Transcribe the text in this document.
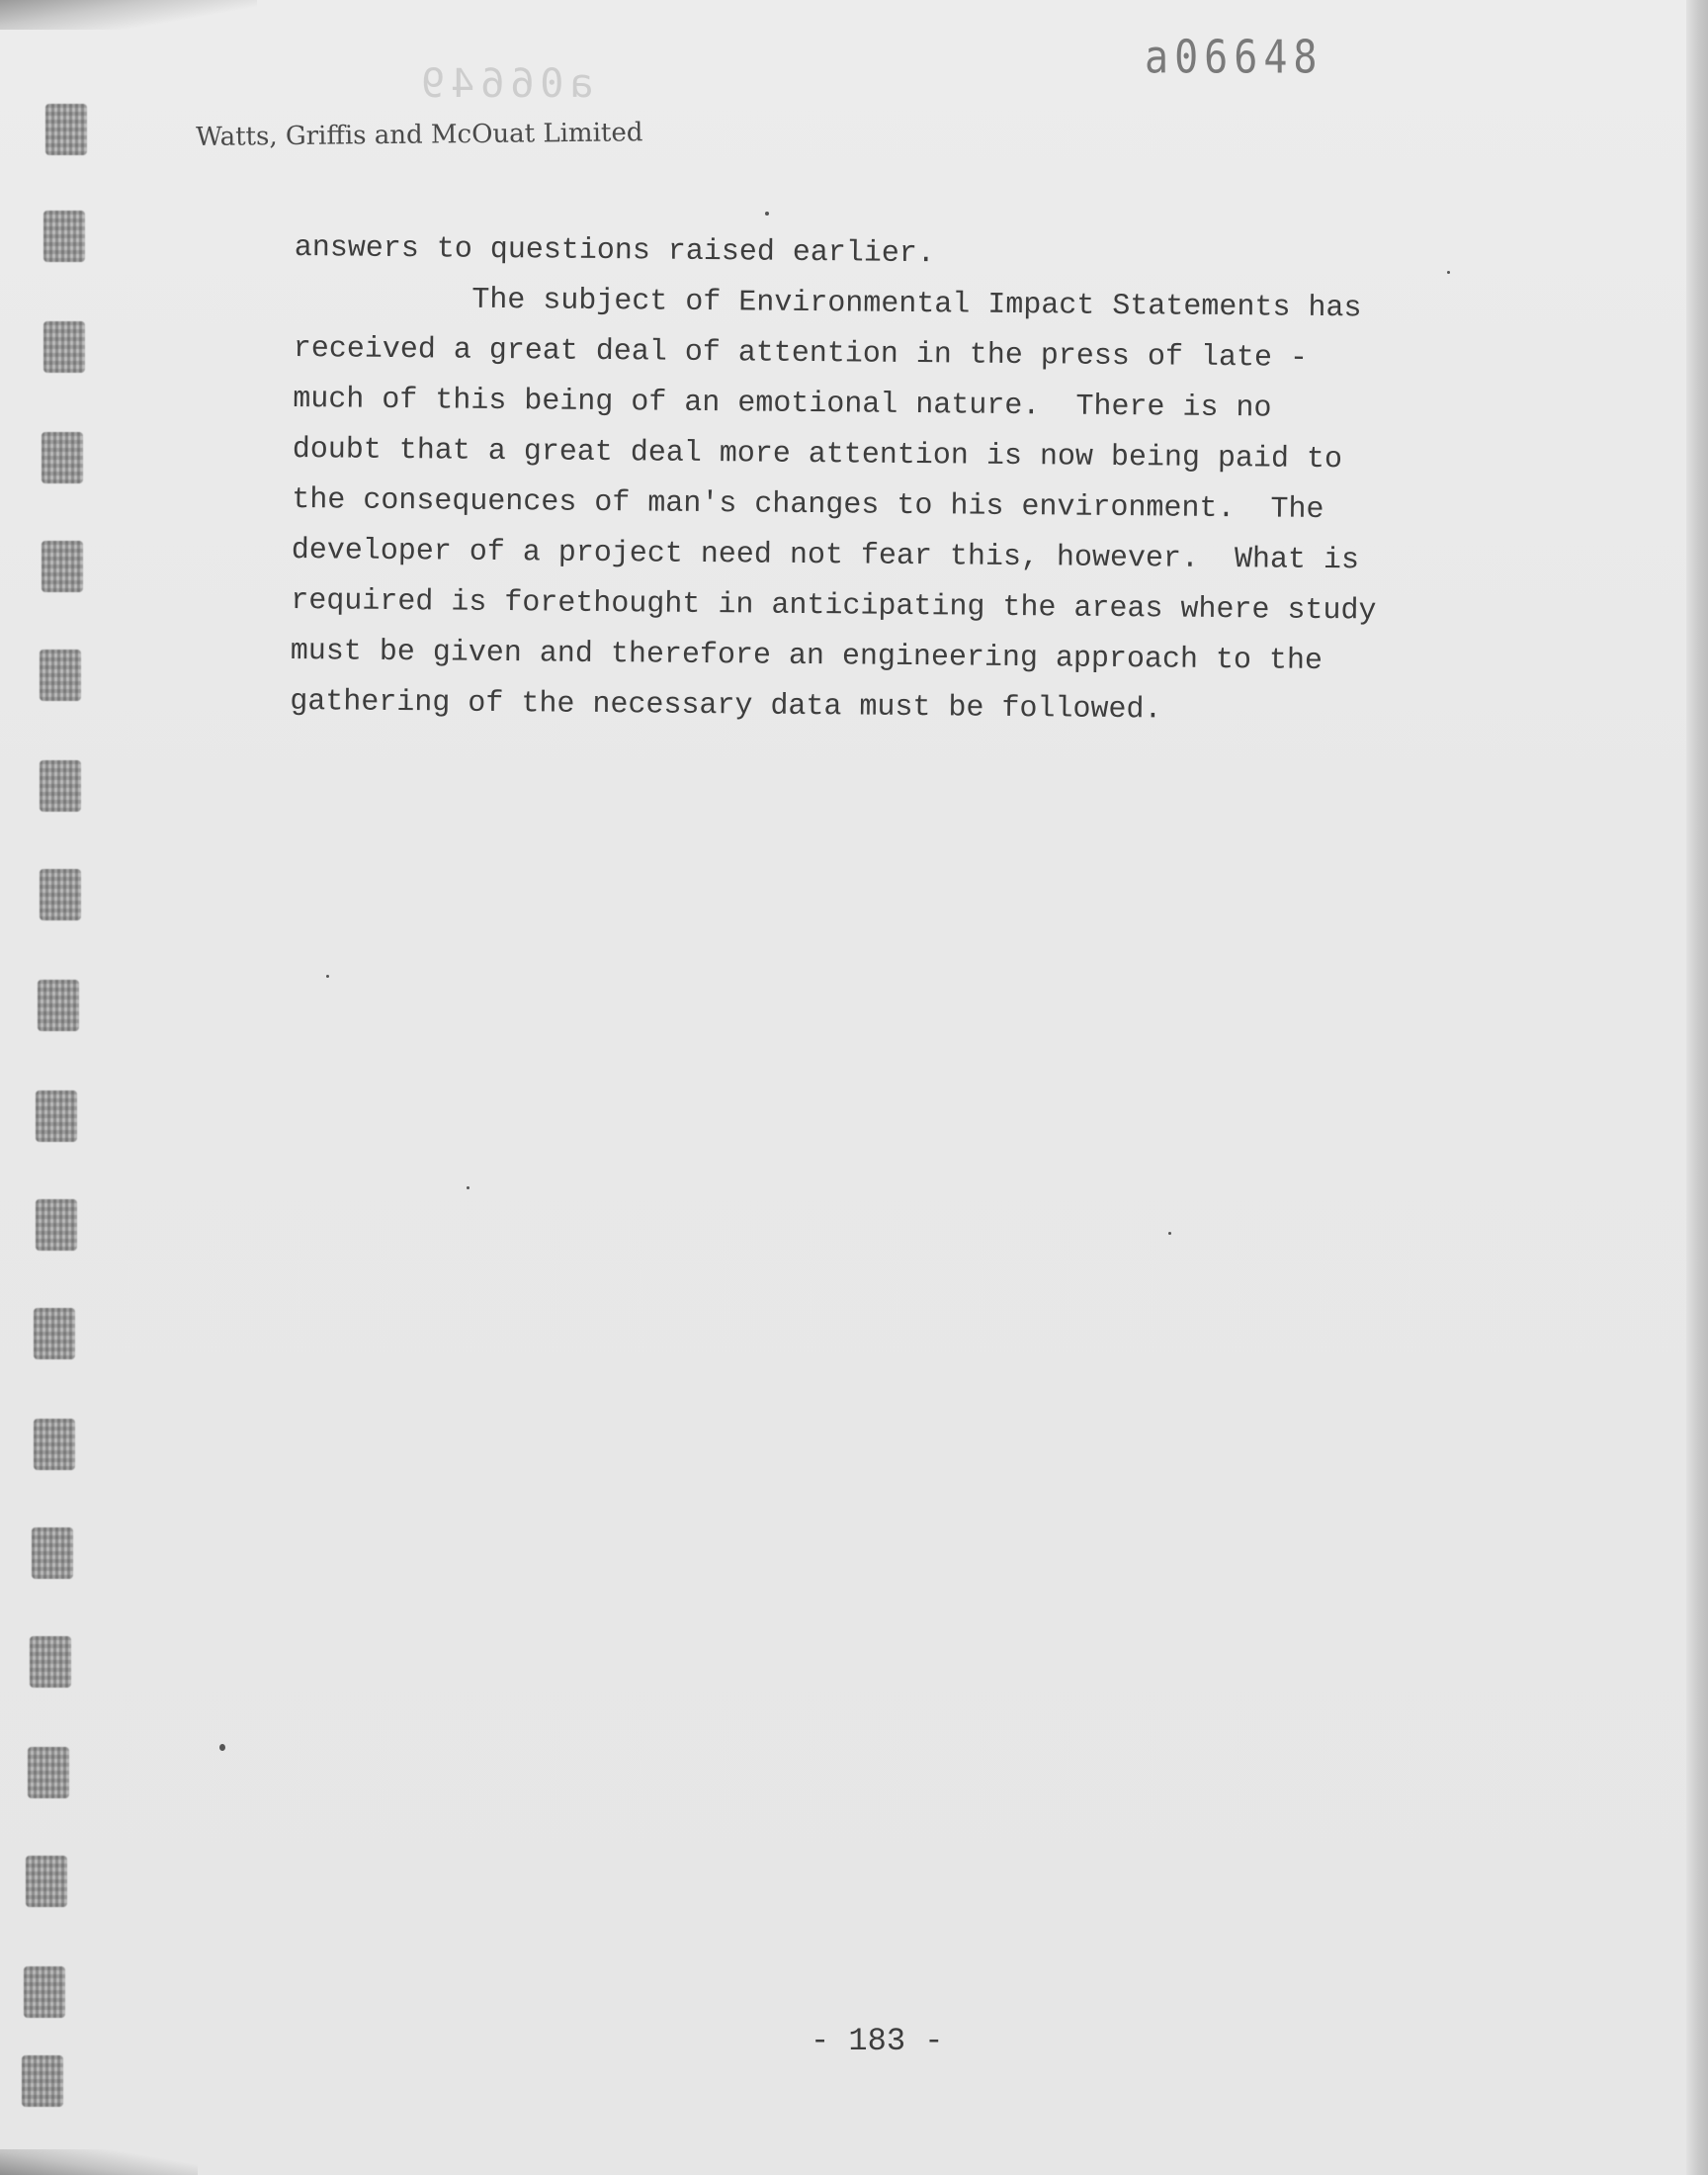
a06649
a06648
Watts, Griffis and McOuat Limited
answers to questions raised earlier.
The subject of Environmental Impact Statements has
received a great deal of attention in the press of late -
much of this being of an emotional nature.  There is no
doubt that a great deal more attention is now being paid to
the consequences of man's changes to his environment.  The
developer of a project need not fear this, however.  What is
required is forethought in anticipating the areas where study
must be given and therefore an engineering approach to the
gathering of the necessary data must be followed.
- 183 -
